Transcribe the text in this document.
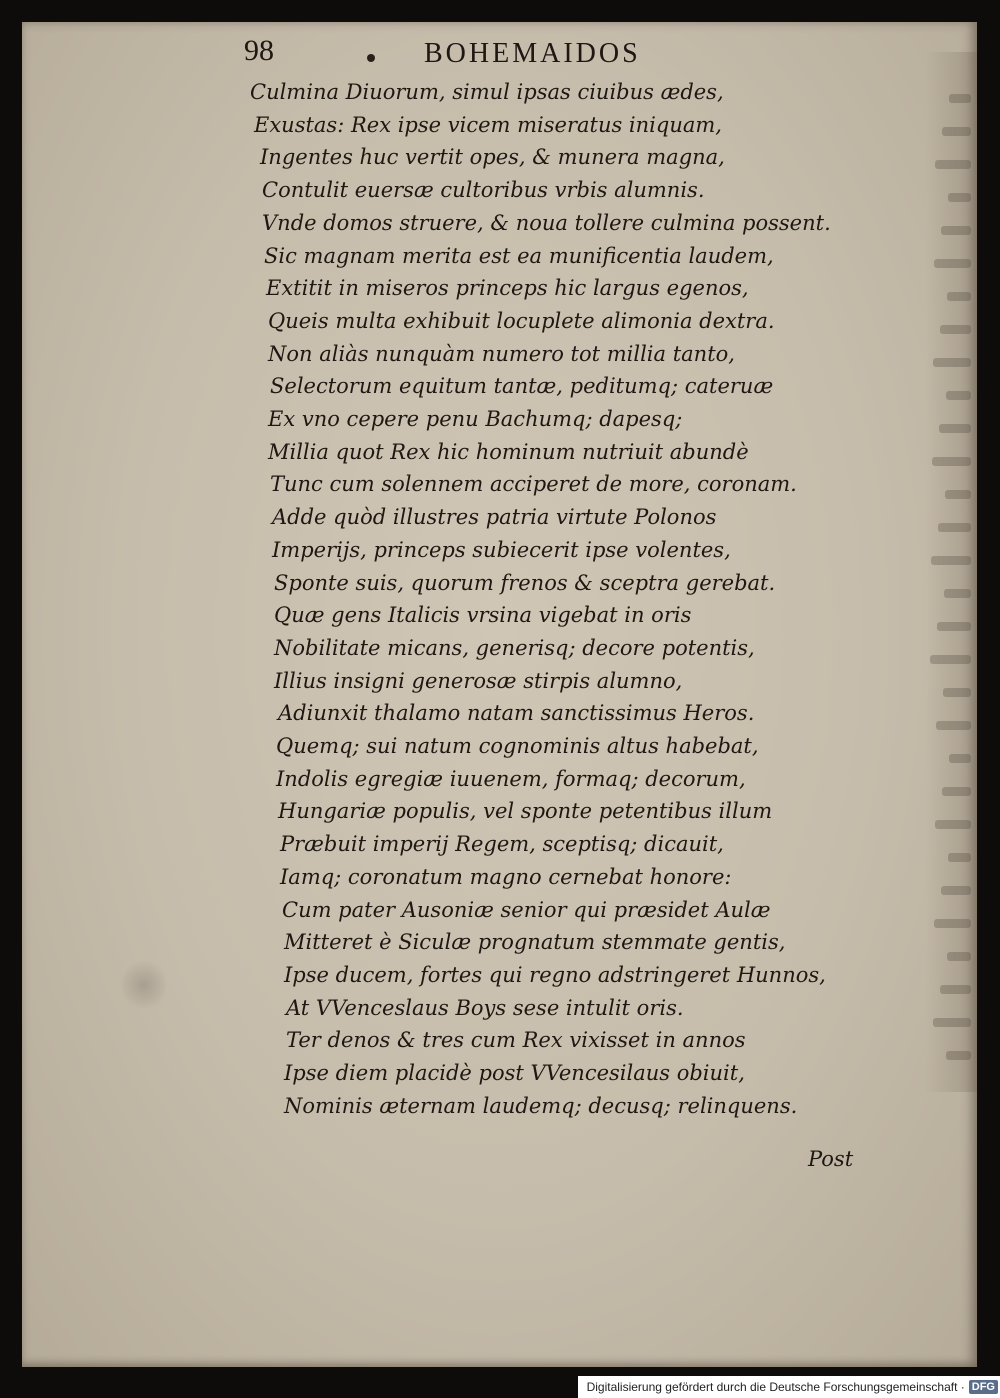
98	BOHEMAIDOS
Culmina Diuorum, simul ipsas ciuibus ædes,
Exustas: Rex ipse vicem miseratus iniquam,
Ingentes huc vertit opes, & munera magna,
Contulit euersæ cultoribus vrbis alumnis.
Vnde domos struere, & noua tollere culmina possent.
Sic magnam merita est ea munificentia laudem,
Extitit in miseros princeps hic largus egenos,
Queis multa exhibuit locuplete alimonia dextra.
Non aliàs nunquàm numero tot millia tanto,
Selectorum equitum tantæ, peditumq; cateruæ
Ex vno cepere penu Bachumq; dapesq;
Millia quot Rex hic hominum nutriuit abundè
Tunc cum solennem acciperet de more, coronam.
Adde quòd illustres patria virtute Polonos
Imperijs, princeps subiecerit ipse volentes,
Sponte suis, quorum frenos & sceptra gerebat.
Quæ gens Italicis vrsina vigebat in oris
Nobilitate micans, generisq; decore potentis,
Illius insigni generosæ stirpis alumno,
Adiunxit thalamo natam sanctissimus Heros.
Quemq; sui natum cognominis altus habebat,
Indolis egregiæ iuuenem, formaq; decorum,
Hungariæ populis, vel sponte petentibus illum
Præbuit imperij Regem, sceptisq; dicauit,
Iamq; coronatum magno cernebat honore:
Cum pater Ausoniæ senior qui præsidet Aulæ
Mitteret è Siculæ prognatum stemmate gentis,
Ipse ducem, fortes qui regno adstringeret Hunnos,
At VVenceslaus Boys sese intulit oris.
Ter denos & tres cum Rex vixisset in annos
Ipse diem placidè post VVencesilaus obiuit,
Nominis æternam laudemq; decusq; relinquens.
Post
Digitalisierung gefördert durch die Deutsche Forschungsgemeinschaft · DFG
